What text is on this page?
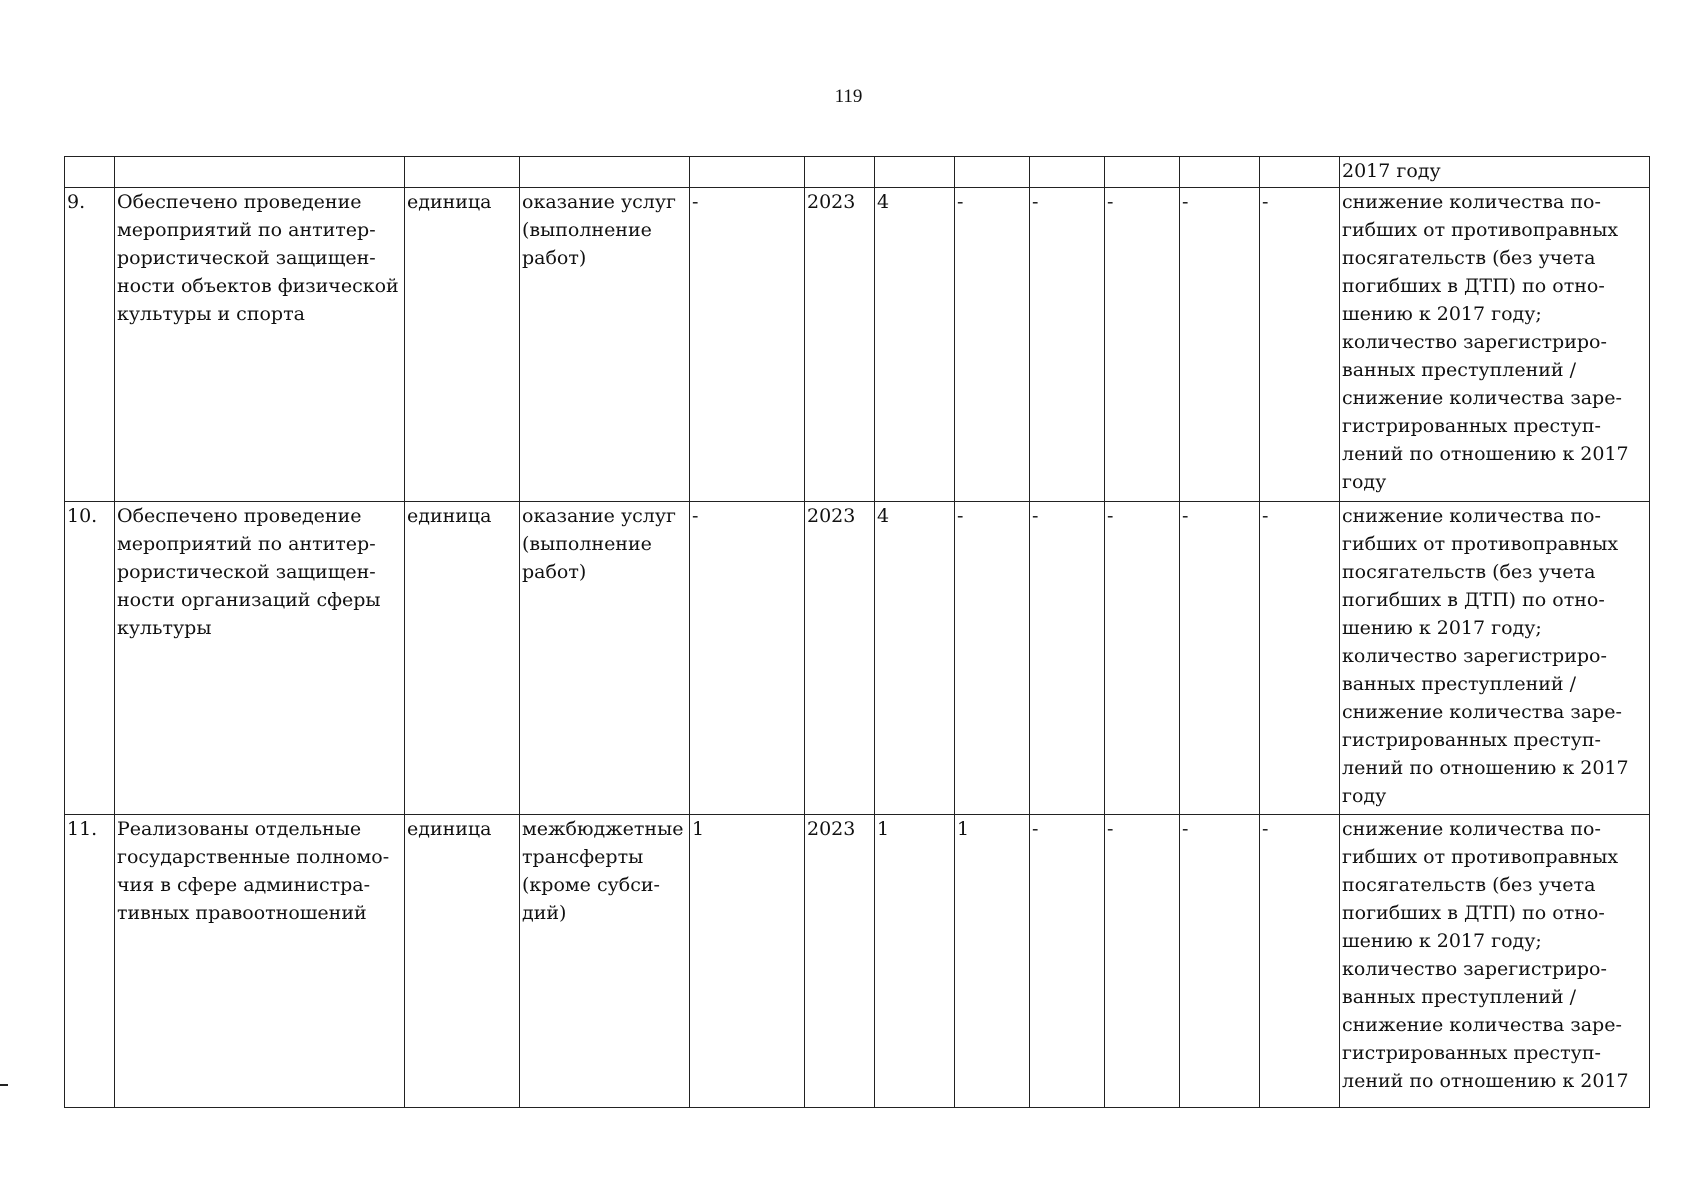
119
												2017 году
9.	Обеспечено проведение мероприятий по антитер-рористической защищен-ности объектов физической культуры и спорта	единица	оказание услуг (выполнение работ)	-	2023	4	-	-	-	-	-	снижение количества по-гибших от противоправных посягательств (без учета погибших в ДТП) по отно-шению к 2017 году; количество зарегистриро-ванных преступлений / снижение количества заре-гистрированных преступ-лений по отношению к 2017 году
10.	Обеспечено проведение мероприятий по антитер-рористической защищен-ности организаций сферы культуры	единица	оказание услуг (выполнение работ)	-	2023	4	-	-	-	-	-	снижение количества по-гибших от противоправных посягательств (без учета погибших в ДТП) по отно-шению к 2017 году; количество зарегистриро-ванных преступлений / снижение количества заре-гистрированных преступ-лений по отношению к 2017 году
11.	Реализованы отдельные государственные полномо-чия в сфере администра-тивных правоотношений	единица	межбюджетные трансферты (кроме субси-дий)	1	2023	1	1	-	-	-	-	снижение количества по-гибших от противоправных посягательств (без учета погибших в ДТП) по отно-шению к 2017 году; количество зарегистриро-ванных преступлений / снижение количества заре-гистрированных преступ-лений по отношению к 2017
